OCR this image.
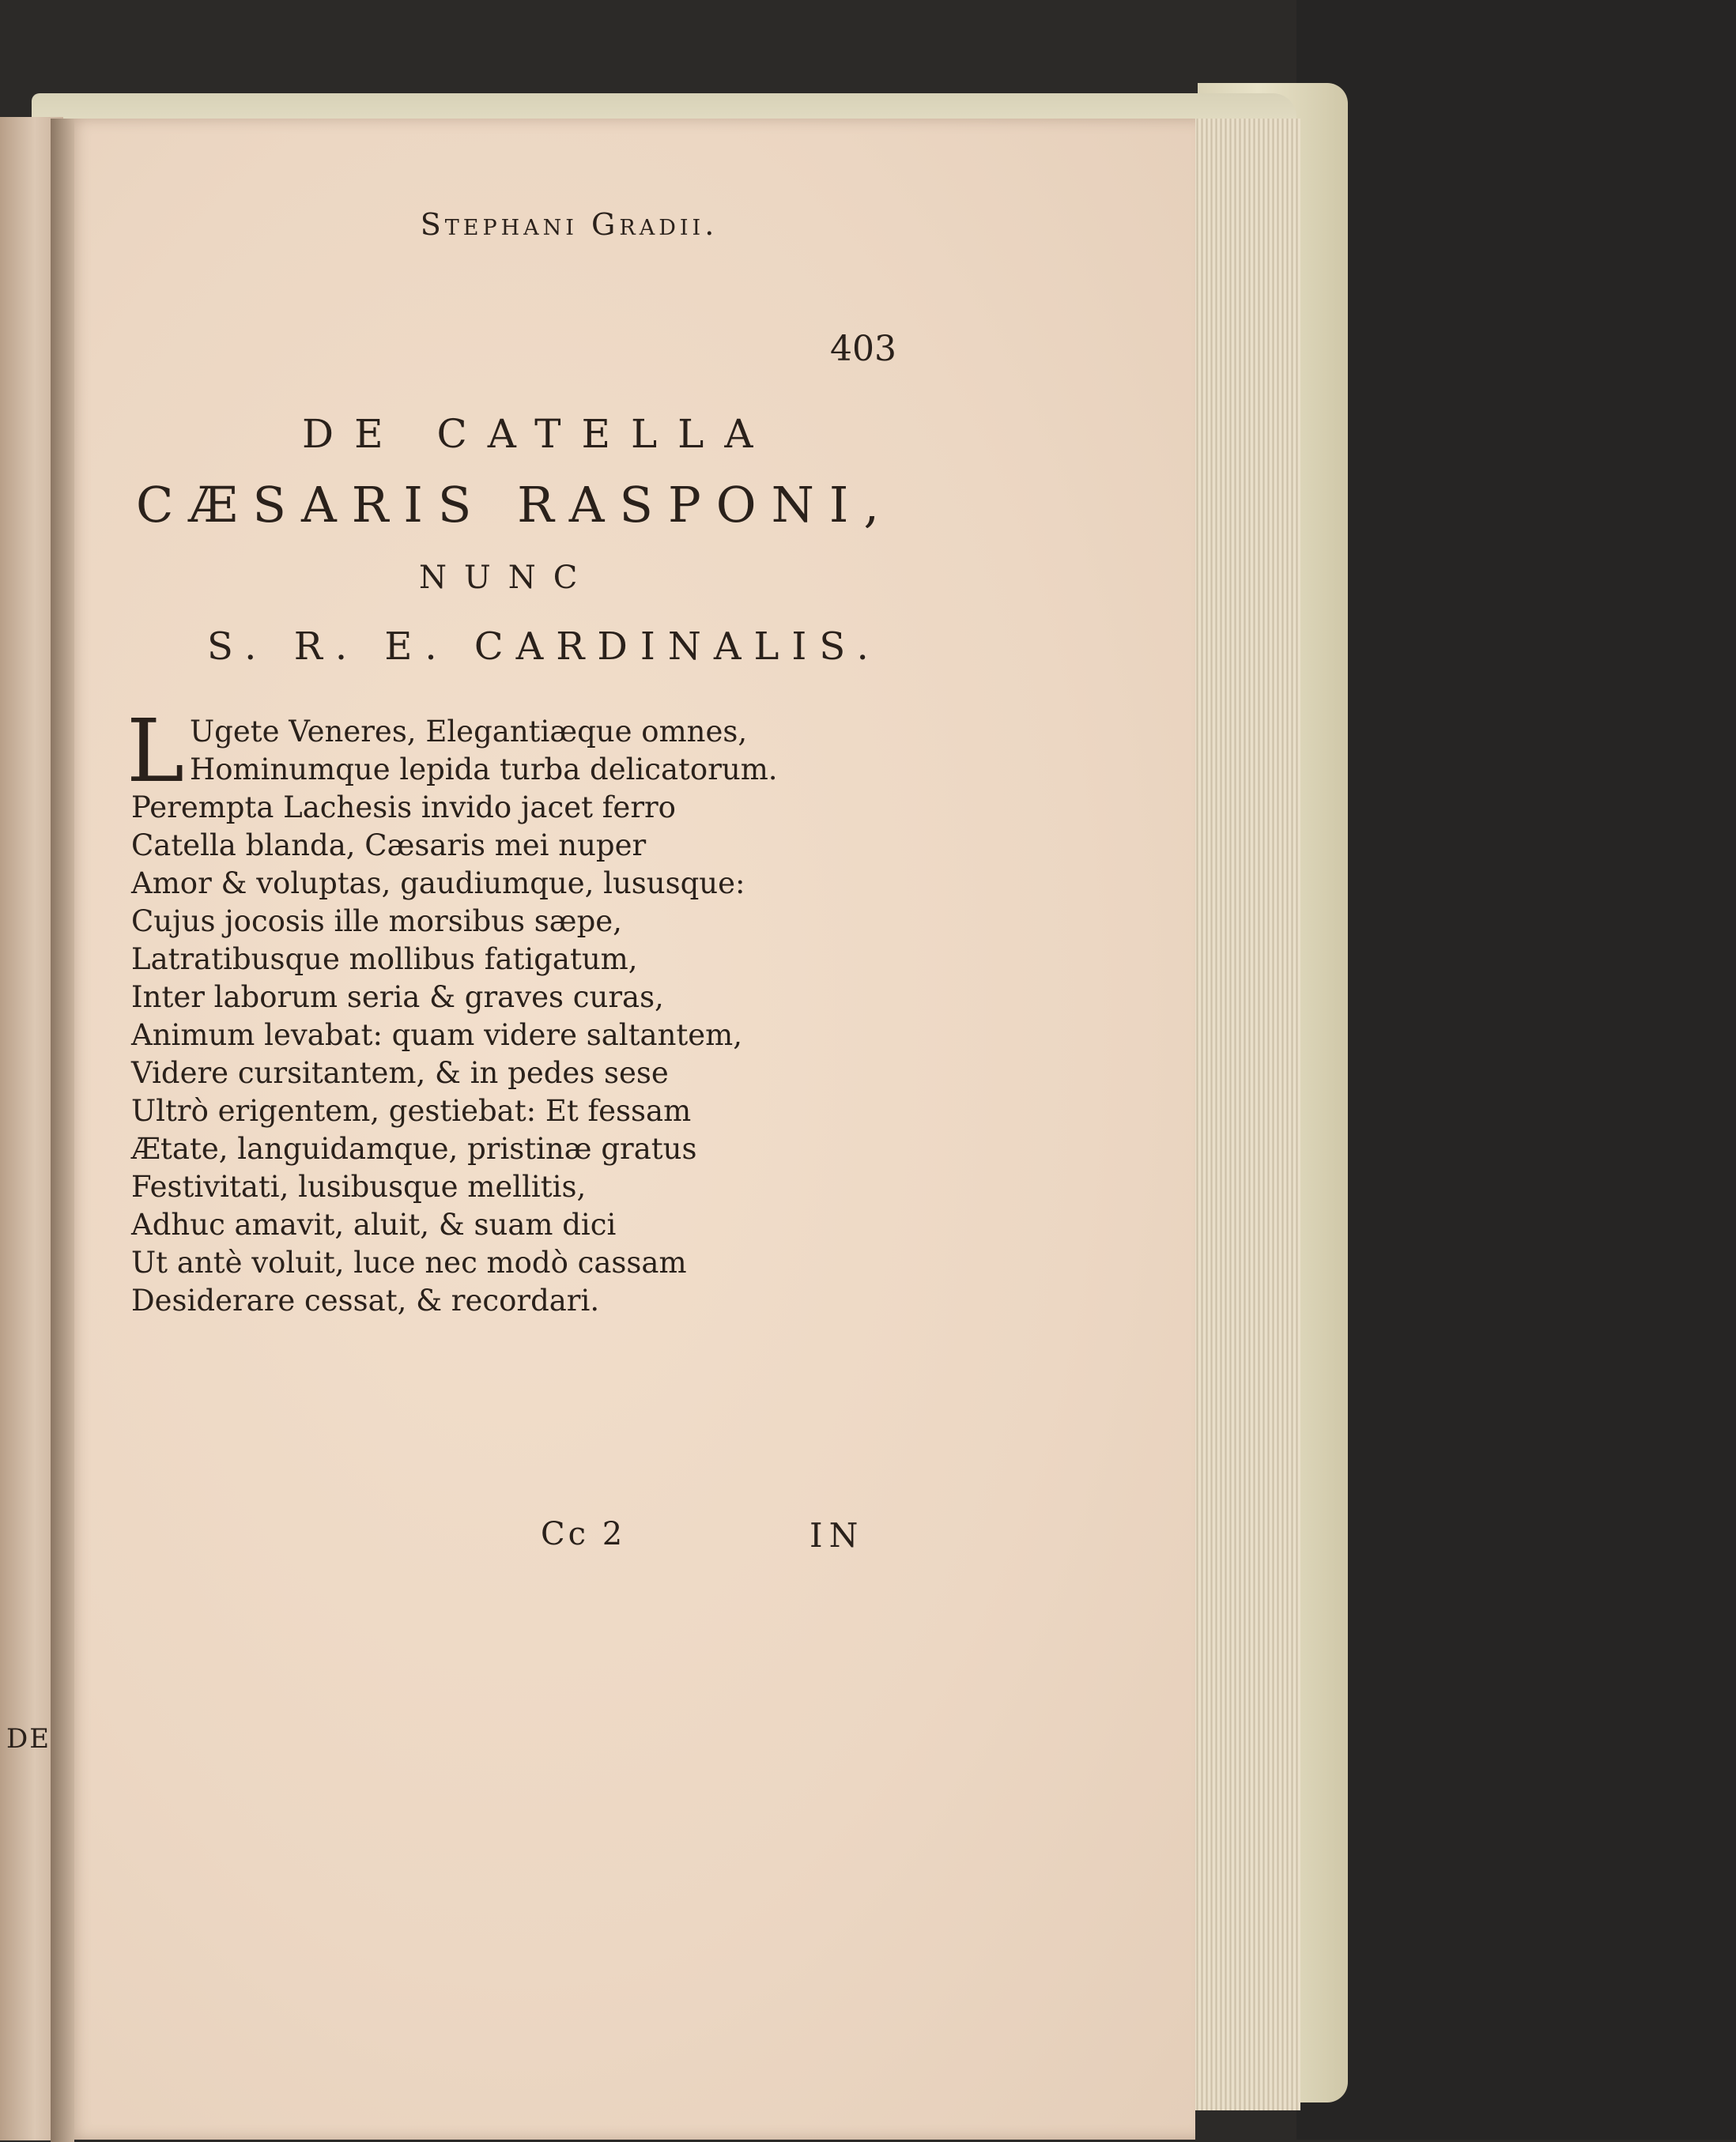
DE
Stephani Gradii.
403
DE CATELLA
CÆSARIS RASPONI,
NUNC
S. R. E. CARDINALIS.
L Ugete Veneres, Elegantiæque omnes,
Hominumque lepida turba delicatorum.
Perempta Lachesis invido jacet ferro
Catella blanda, Cæsaris mei nuper
Amor & voluptas, gaudiumque, lususque:
Cujus jocosis ille morsibus sæpe,
Latratibusque mollibus fatigatum,
Inter laborum seria & graves curas,
Animum levabat: quam videre saltantem,
Videre cursitantem, & in pedes sese
Ultrò erigentem, gestiebat: Et fessam
Ætate, languidamque, pristinæ gratus
Festivitati, lusibusque mellitis,
Adhuc amavit, aluit, & suam dici
Ut antè voluit, luce nec modò cassam
Desiderare cessat, & recordari.
Cc 2	IN
